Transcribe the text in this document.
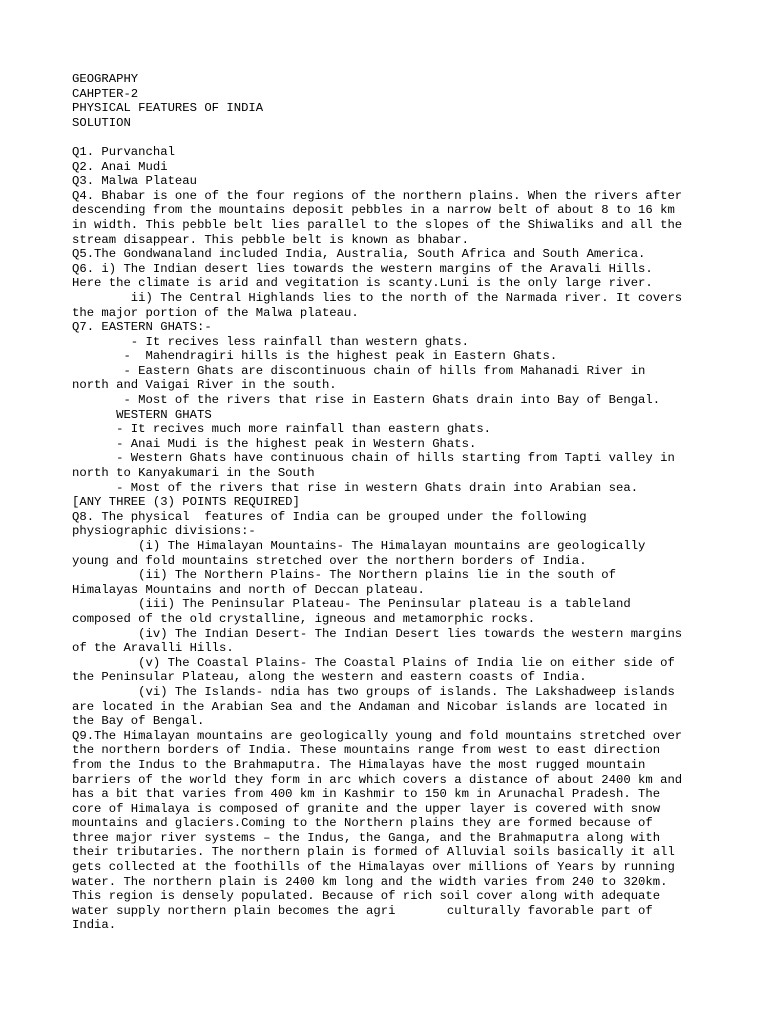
GEOGRAPHY
CAHPTER-2
PHYSICAL FEATURES OF INDIA
SOLUTION
Q1. Purvanchal
Q2. Anai Mudi
Q3. Malwa Plateau
Q4. Bhabar is one of the four regions of the northern plains. When the rivers after
descending from the mountains deposit pebbles in a narrow belt of about 8 to 16 km
in width. This pebble belt lies parallel to the slopes of the Shiwaliks and all the
stream disappear. This pebble belt is known as bhabar.
Q5.The Gondwanaland included India, Australia, South Africa and South America.
Q6. i) The Indian desert lies towards the western margins of the Aravali Hills.
Here the climate is arid and vegitation is scanty.Luni is the only large river.
ii) The Central Highlands lies to the north of the Narmada river. It covers
the major portion of the Malwa plateau.
Q7. EASTERN GHATS:-
- It recives less rainfall than western ghats.
-  Mahendragiri hills is the highest peak in Eastern Ghats.
- Eastern Ghats are discontinuous chain of hills from Mahanadi River in
north and Vaigai River in the south.
- Most of the rivers that rise in Eastern Ghats drain into Bay of Bengal.
WESTERN GHATS
- It recives much more rainfall than eastern ghats.
- Anai Mudi is the highest peak in Western Ghats.
- Western Ghats have continuous chain of hills starting from Tapti valley in
north to Kanyakumari in the South
- Most of the rivers that rise in western Ghats drain into Arabian sea.
[ANY THREE (3) POINTS REQUIRED]
Q8. The physical  features of India can be grouped under the following
physiographic divisions:-
(i) The Himalayan Mountains- The Himalayan mountains are geologically
young and fold mountains stretched over the northern borders of India.
(ii) The Northern Plains- The Northern plains lie in the south of
Himalayas Mountains and north of Deccan plateau.
(iii) The Peninsular Plateau- The Peninsular plateau is a tableland
composed of the old crystalline, igneous and metamorphic rocks.
(iv) The Indian Desert- The Indian Desert lies towards the western margins
of the Aravalli Hills.
(v) The Coastal Plains- The Coastal Plains of India lie on either side of
the Peninsular Plateau, along the western and eastern coasts of India.
(vi) The Islands- ndia has two groups of islands. The Lakshadweep islands
are located in the Arabian Sea and the Andaman and Nicobar islands are located in
the Bay of Bengal.
Q9.The Himalayan mountains are geologically young and fold mountains stretched over
the northern borders of India. These mountains range from west to east direction
from the Indus to the Brahmaputra. The Himalayas have the most rugged mountain
barriers of the world they form in arc which covers a distance of about 2400 km and
has a bit that varies from 400 km in Kashmir to 150 km in Arunachal Pradesh. The
core of Himalaya is composed of granite and the upper layer is covered with snow
mountains and glaciers.Coming to the Northern plains they are formed because of
three major river systems – the Indus, the Ganga, and the Brahmaputra along with
their tributaries. The northern plain is formed of Alluvial soils basically it all
gets collected at the foothills of the Himalayas over millions of Years by running
water. The northern plain is 2400 km long and the width varies from 240 to 320km.
This region is densely populated. Because of rich soil cover along with adequate
water supply northern plain becomes the agri       culturally favorable part of
India.
